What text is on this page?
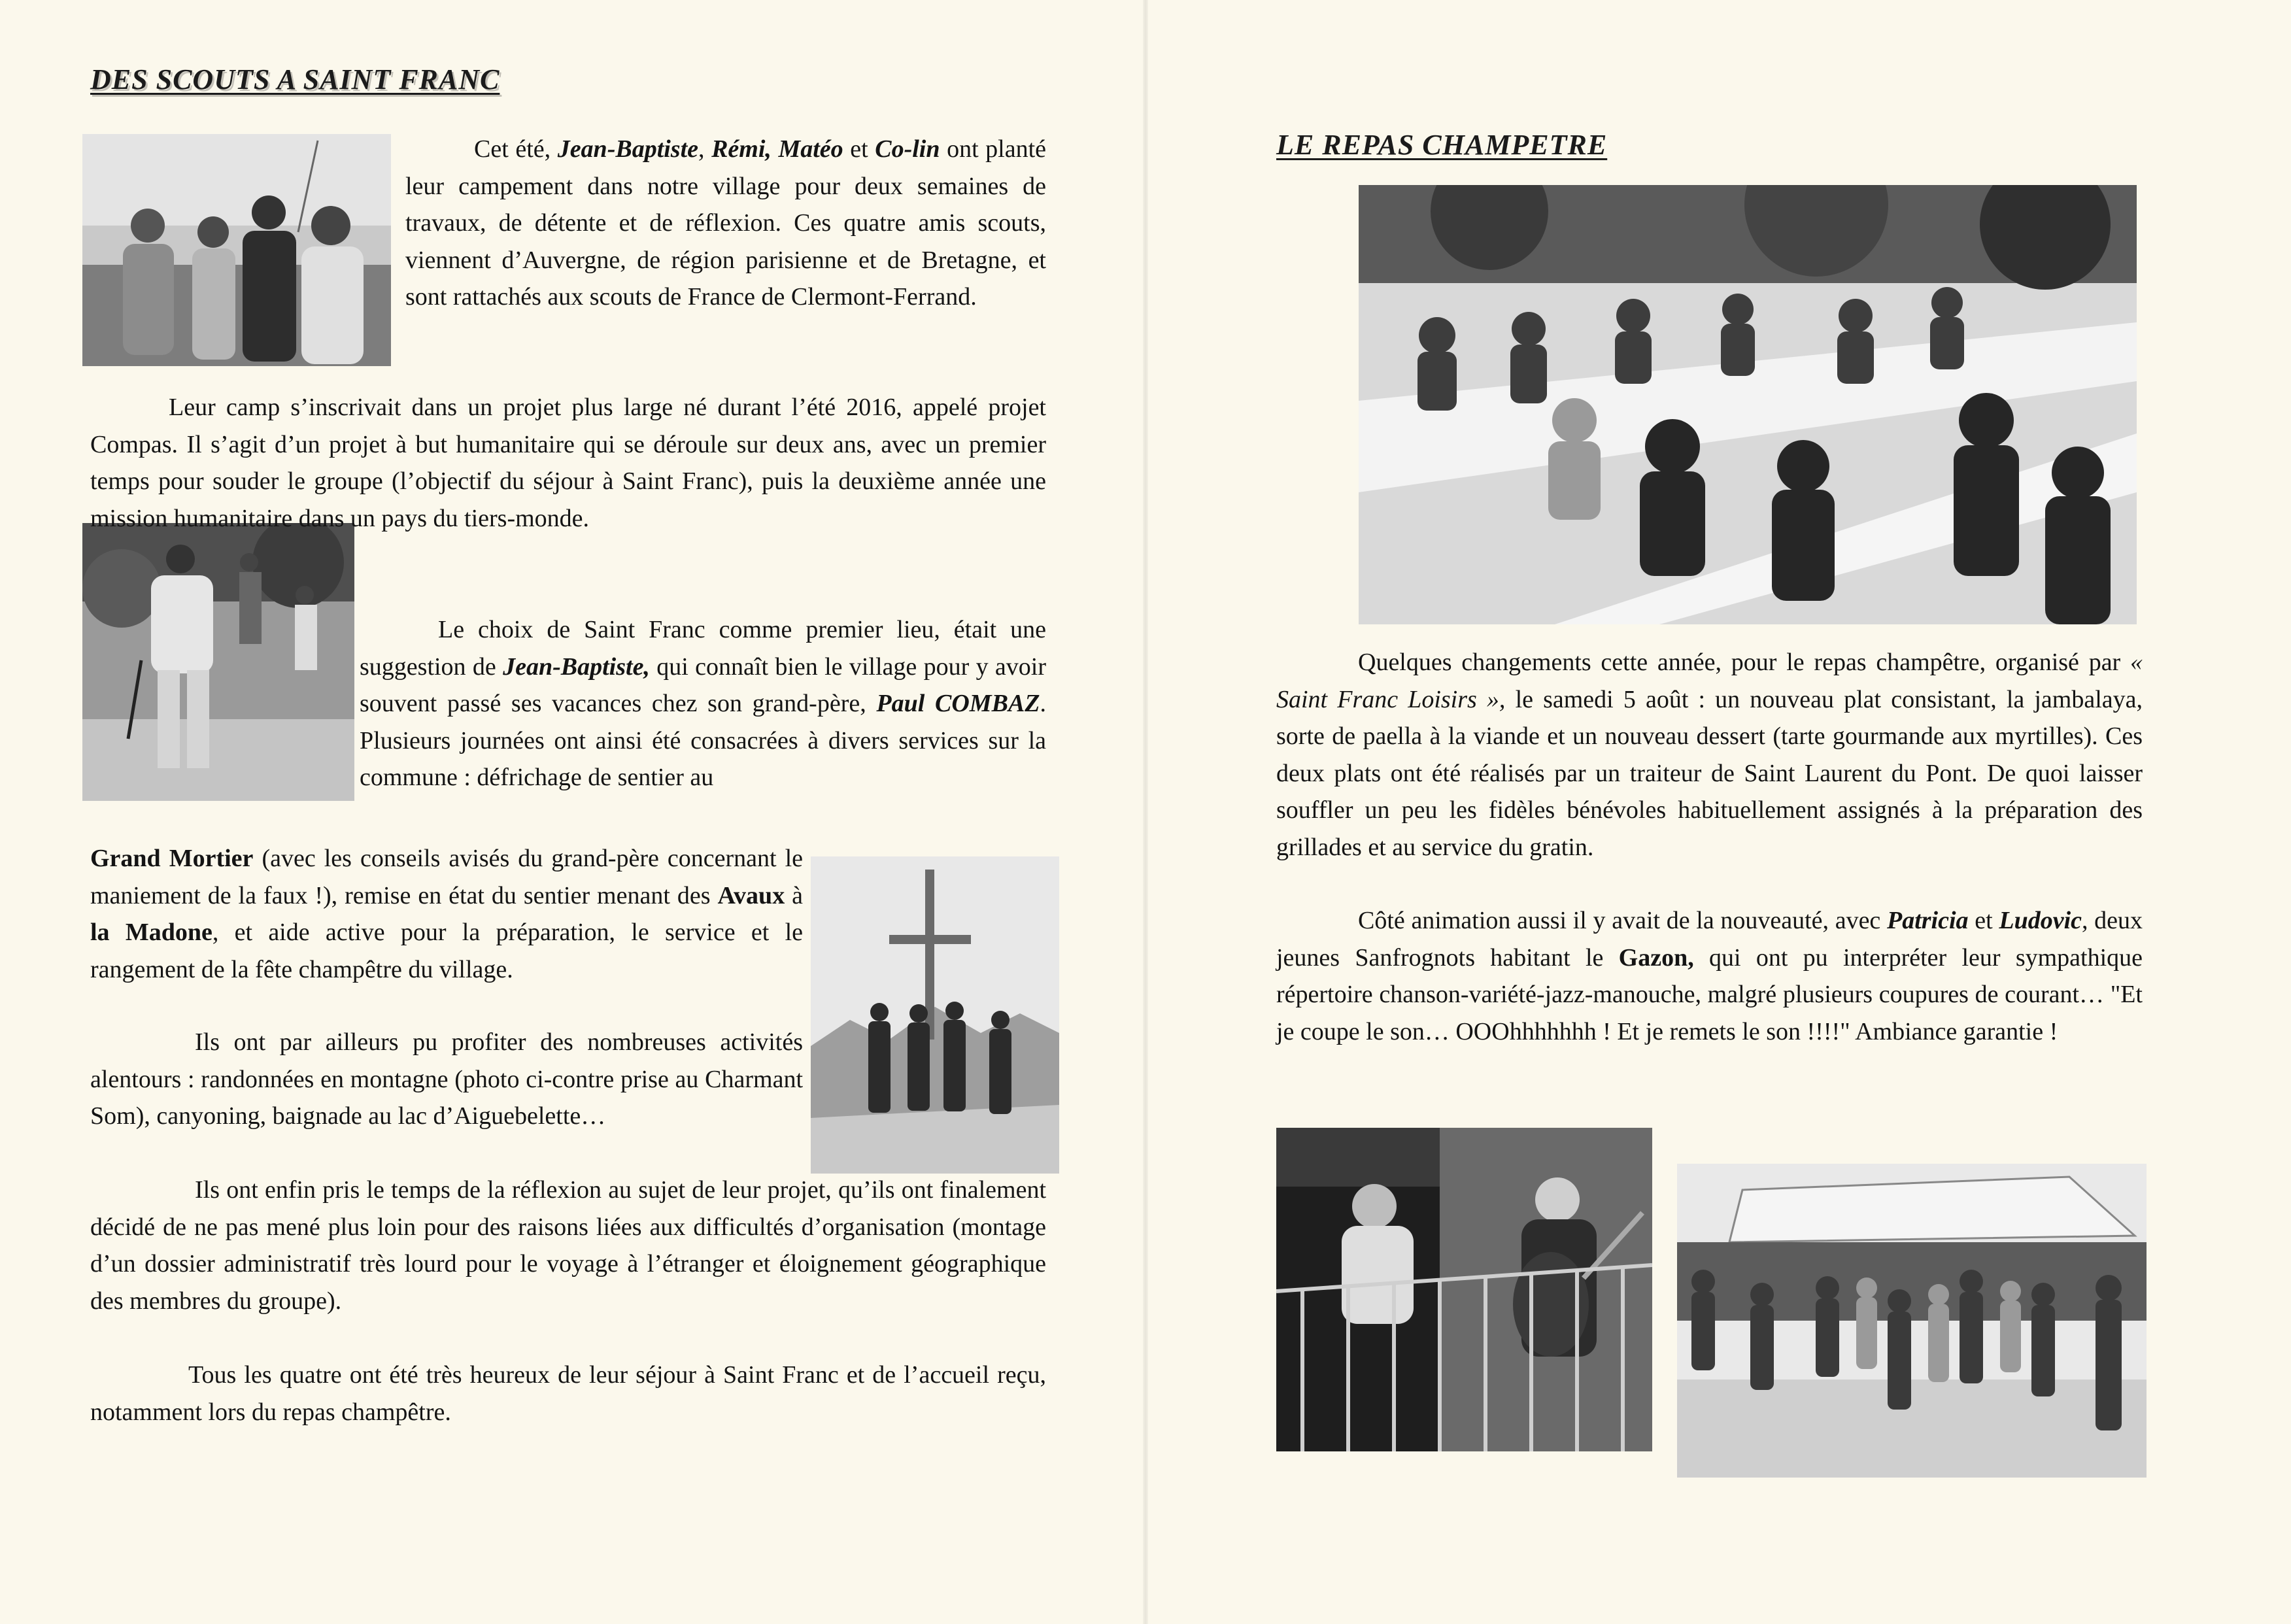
DES SCOUTS A SAINT FRANC

Cet été, Jean-Baptiste, Rémi, Matéo et Co-lin ont planté leur campement dans notre village pour deux semaines de travaux, de détente et de réflexion. Ces quatre amis scouts, viennent d’Auvergne, de région parisienne et de Bretagne, et sont rattachés aux scouts de France de Clermont-Ferrand.

Leur camp s’inscrivait dans un projet plus large né durant l’été 2016, appelé projet Compas. Il s’agit d’un projet à but humanitaire qui se déroule sur deux ans, avec un premier temps pour souder le groupe (l’objectif du séjour à Saint Franc), puis la deuxième année une mission humanitaire dans un pays du tiers-monde.

Le choix de Saint Franc comme premier lieu, était une suggestion de Jean-Baptiste, qui connaît bien le village pour y avoir souvent passé ses vacances chez son grand-père, Paul COMBAZ. Plusieurs journées ont ainsi été consacrées à divers services sur la commune : défrichage de sentier au

Grand Mortier (avec les conseils avisés du grand-père concernant le maniement de la faux !), remise en état du sentier menant des Avaux à la Madone, et aide active pour la préparation, le service et le rangement de la fête champêtre du village.

Ils ont par ailleurs pu profiter des nombreuses activités alentours : randonnées en montagne (photo ci-contre prise au Charmant Som), canyoning, baignade au lac d’Aiguebelette…

Ils ont enfin pris le temps de la réflexion au sujet de leur projet, qu’ils ont finalement décidé de ne pas mené plus loin pour des raisons liées aux difficultés d’organisation (montage d’un dossier administratif très lourd pour le voyage à l’étranger et éloignement géographique des membres du groupe).

Tous les quatre ont été très heureux de leur séjour à Saint Franc et de l’accueil reçu, notamment lors du repas champêtre.

LE REPAS CHAMPETRE

Quelques changements cette année, pour le repas champêtre, organisé par « Saint Franc Loisirs », le samedi 5 août : un nouveau plat consistant, la jambalaya, sorte de paella à la viande et un nouveau dessert (tarte gourmande aux myrtilles). Ces deux plats ont été réalisés par un traiteur de Saint Laurent du Pont. De quoi laisser souffler un peu les fidèles bénévoles habituellement assignés à la préparation des grillades et au service du gratin.

Côté animation aussi il y avait de la nouveauté, avec Patricia et Ludovic, deux jeunes Sanfrognots habitant le Gazon, qui ont pu interpréter leur sympathique répertoire chanson-variété-jazz-manouche, malgré plusieurs coupures de courant… "Et je coupe le son… OOOhhhhhhh ! Et je remets le son !!!!" Ambiance garantie !
